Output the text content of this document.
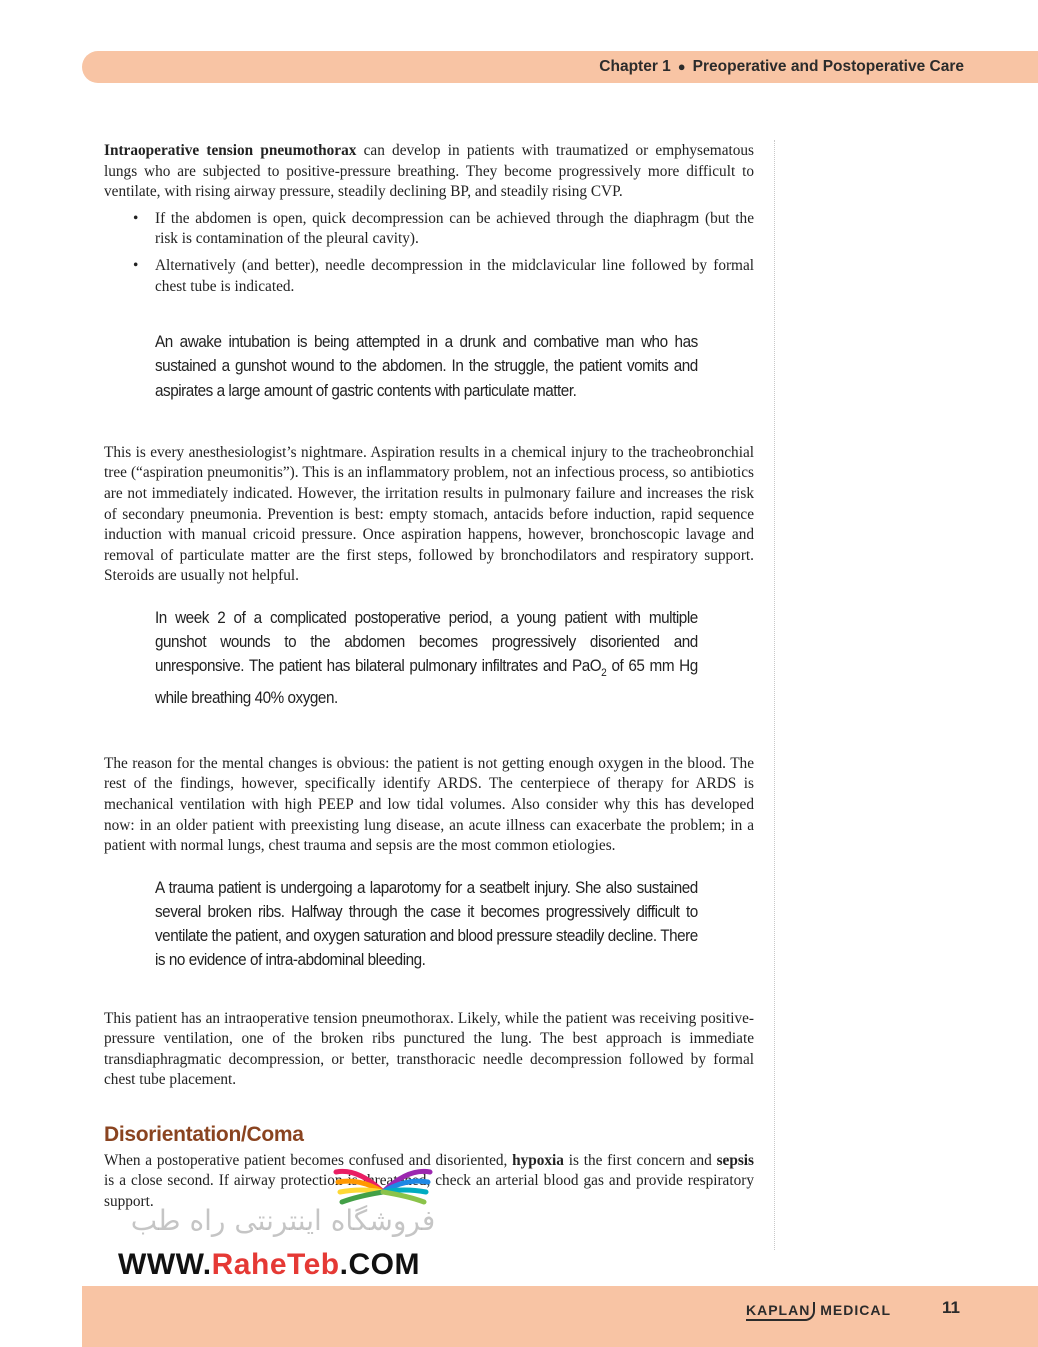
Chapter 1 ● Preoperative and Postoperative Care

Intraoperative tension pneumothorax can develop in patients with traumatized or emphysematous lungs who are subjected to positive-pressure breathing. They become progressively more difficult to ventilate, with rising airway pressure, steadily declining BP, and steadily rising CVP.

• If the abdomen is open, quick decompression can be achieved through the diaphragm (but the risk is contamination of the pleural cavity).
• Alternatively (and better), needle decompression in the midclavicular line followed by formal chest tube is indicated.
An awake intubation is being attempted in a drunk and combative man who has sustained a gunshot wound to the abdomen. In the struggle, the patient vomits and aspirates a large amount of gastric contents with particulate matter.

This is every anesthesiologist’s nightmare. Aspiration results in a chemical injury to the tracheobronchial tree (“aspiration pneumonitis”). This is an inflammatory problem, not an infectious process, so antibiotics are not immediately indicated. However, the irritation results in pulmonary failure and increases the risk of secondary pneumonia. Prevention is best: empty stomach, antacids before induction, rapid sequence induction with manual cricoid pressure. Once aspiration happens, however, bronchoscopic lavage and removal of particulate matter are the first steps, followed by bronchodilators and respiratory support. Steroids are usually not helpful.

In week 2 of a complicated postoperative period, a young patient with multiple gunshot wounds to the abdomen becomes progressively disoriented and unresponsive. The patient has bilateral pulmonary infiltrates and PaO$_2$ of 65 mm Hg while breathing 40% oxygen.

The reason for the mental changes is obvious: the patient is not getting enough oxygen in the blood. The rest of the findings, however, specifically identify ARDS. The centerpiece of therapy for ARDS is mechanical ventilation with high PEEP and low tidal volumes. Also consider why this has developed now: in an older patient with preexisting lung disease, an acute illness can exacerbate the problem; in a patient with normal lungs, chest trauma and sepsis are the most common etiologies.

A trauma patient is undergoing a laparotomy for a seatbelt injury. She also sustained several broken ribs. Halfway through the case it becomes progressively difficult to ventilate the patient, and oxygen saturation and blood pressure steadily decline. There is no evidence of intra-abdominal bleeding.

This patient has an intraoperative tension pneumothorax. Likely, while the patient was receiving positive-pressure ventilation, one of the broken ribs punctured the lung. The best approach is immediate transdiaphragmatic decompression, or better, transthoracic needle decompression followed by formal chest tube placement.

Disorientation/Coma

When a postoperative patient becomes confused and disoriented, hypoxia is the first concern and sepsis is a close second. If airway protection is threatened, check an arterial blood gas and provide respiratory support.

فروشگاه اینترنتی راه طب
WWW.RaheTeb.COM
KAPLAN MEDICAL	11
